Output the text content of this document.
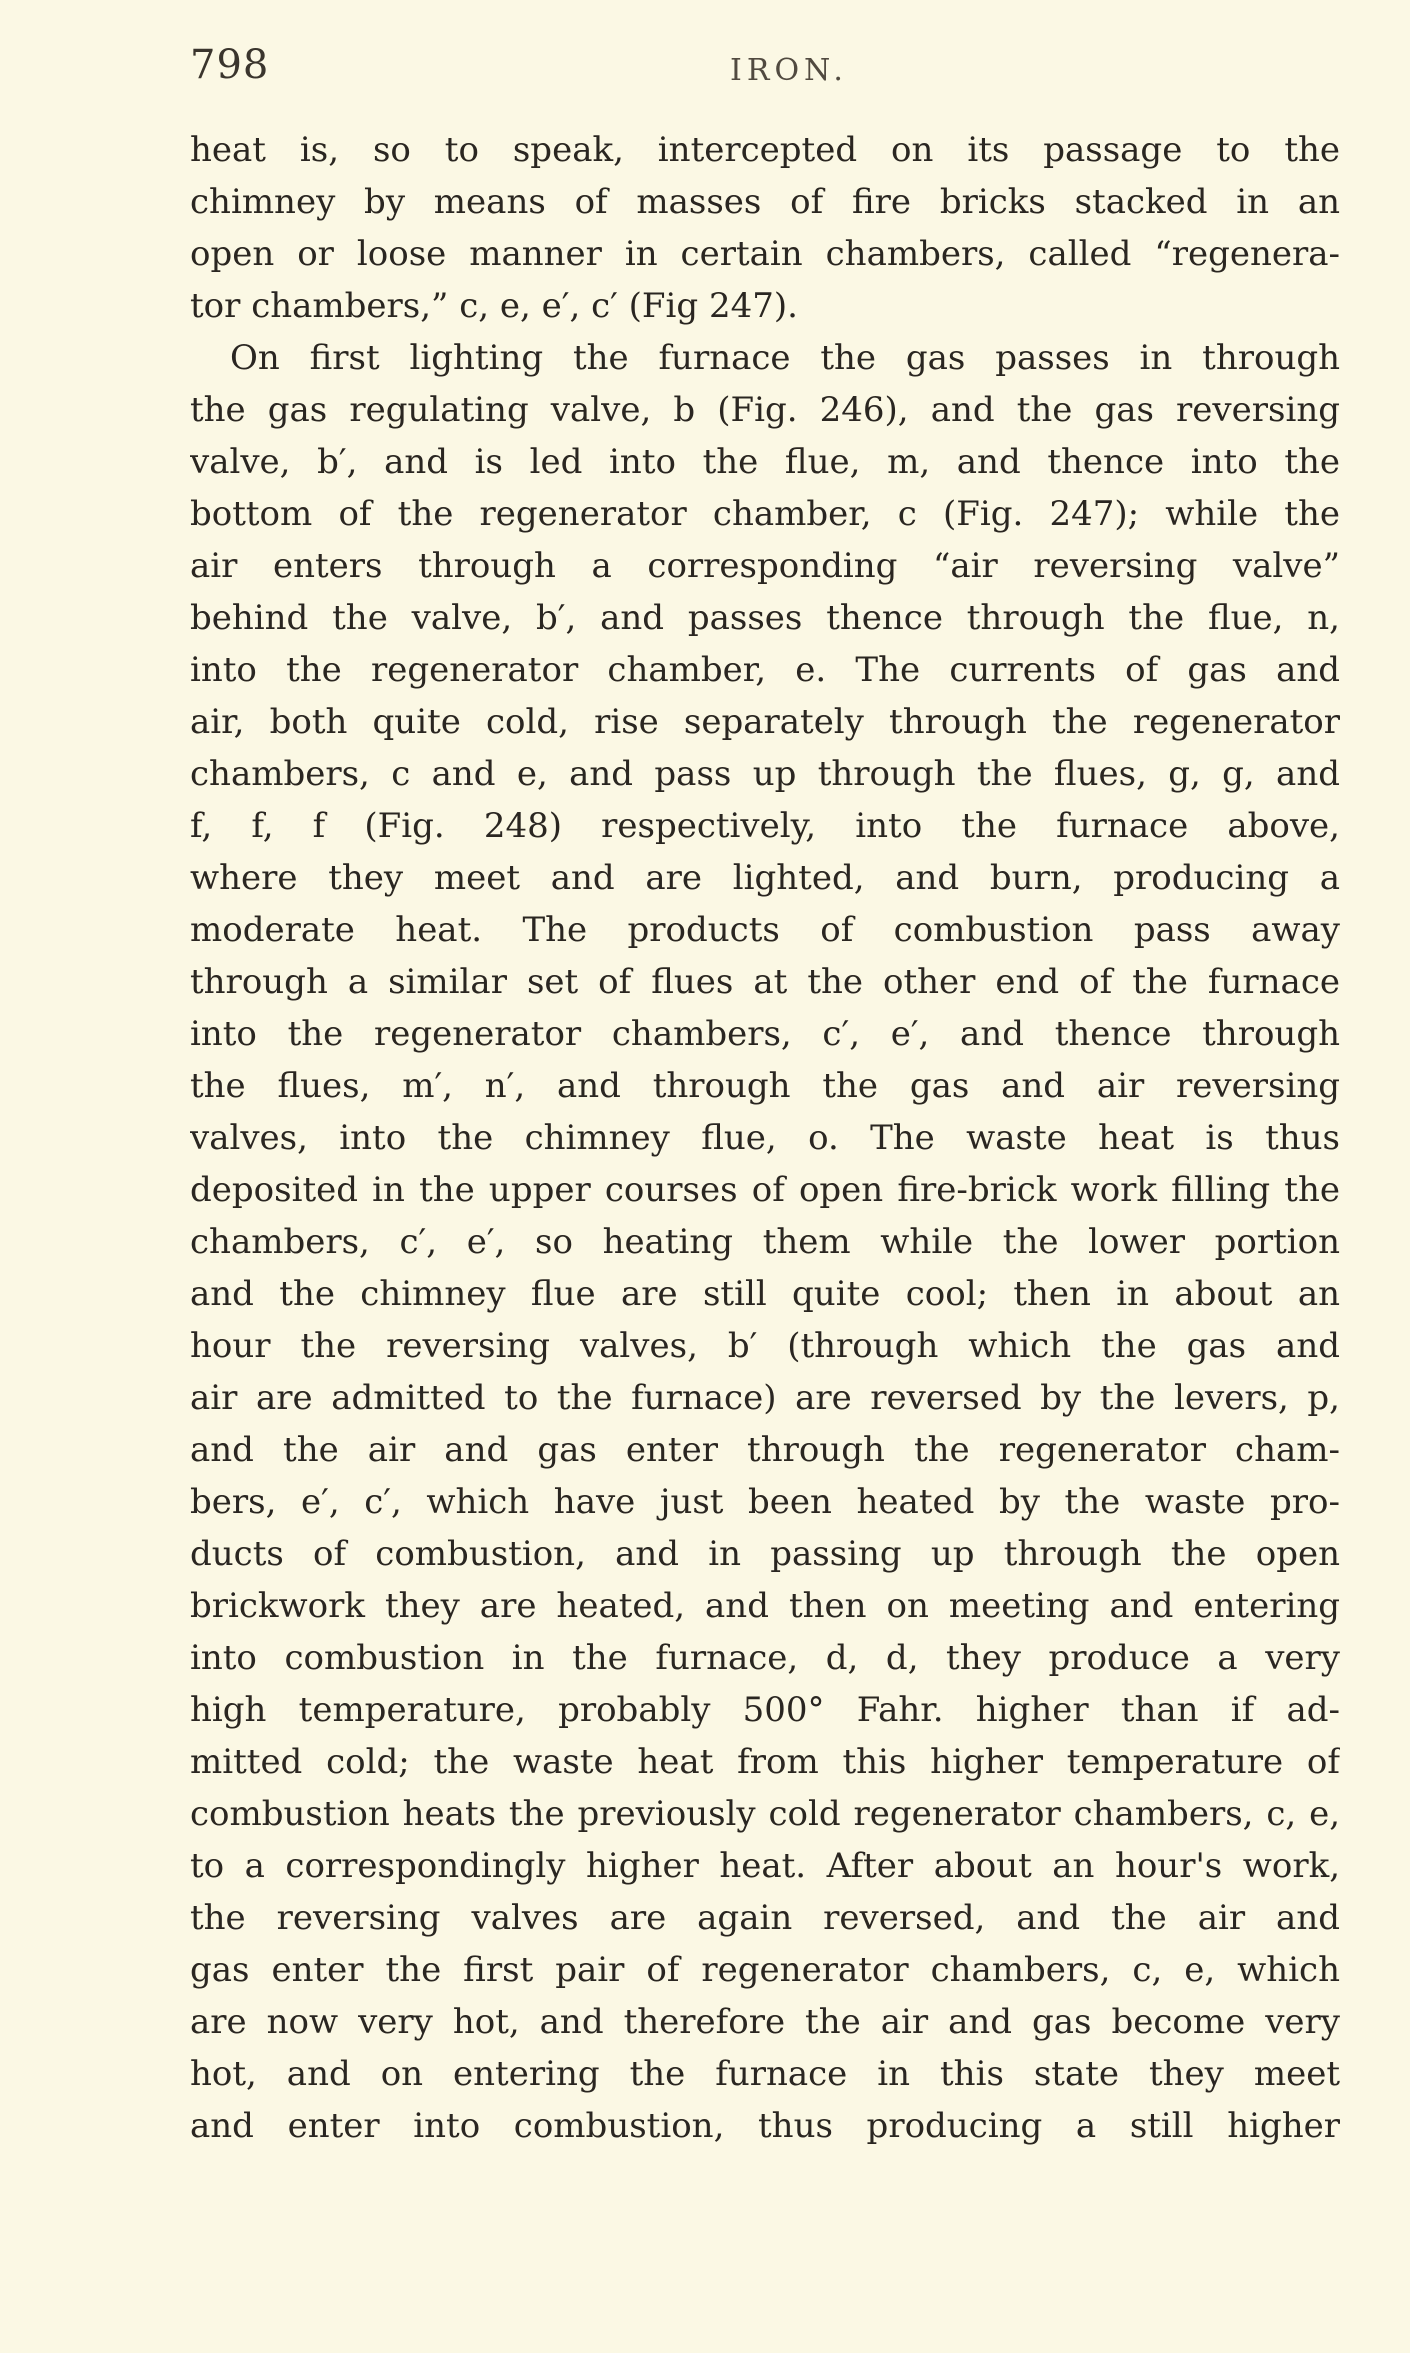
798	IRON.
heat is, so to speak, intercepted on its passage to the
chimney by means of masses of fire bricks stacked in an
open or loose manner in certain chambers, called “regenera-
tor chambers,” c, e, e′, c′ (Fig 247).
On first lighting the furnace the gas passes in through
the gas regulating valve, b (Fig. 246), and the gas reversing
valve, b′, and is led into the flue, m, and thence into the
bottom of the regenerator chamber, c (Fig. 247); while the
air enters through a corresponding “air reversing valve”
behind the valve, b′, and passes thence through the flue, n,
into the regenerator chamber, e. The currents of gas and
air, both quite cold, rise separately through the regenerator
chambers, c and e, and pass up through the flues, g, g, and
f, f, f (Fig. 248) respectively, into the furnace above,
where they meet and are lighted, and burn, producing a
moderate heat. The products of combustion pass away
through a similar set of flues at the other end of the furnace
into the regenerator chambers, c′, e′, and thence through
the flues, m′, n′, and through the gas and air reversing
valves, into the chimney flue, o. The waste heat is thus
deposited in the upper courses of open fire-brick work filling the
chambers, c′, e′, so heating them while the lower portion
and the chimney flue are still quite cool; then in about an
hour the reversing valves, b′ (through which the gas and
air are admitted to the furnace) are reversed by the levers, p,
and the air and gas enter through the regenerator cham-
bers, e′, c′, which have just been heated by the waste pro-
ducts of combustion, and in passing up through the open
brickwork they are heated, and then on meeting and entering
into combustion in the furnace, d, d, they produce a very
high temperature, probably 500° Fahr. higher than if ad-
mitted cold; the waste heat from this higher temperature of
combustion heats the previously cold regenerator chambers, c, e,
to a correspondingly higher heat. After about an hour's work,
the reversing valves are again reversed, and the air and
gas enter the first pair of regenerator chambers, c, e, which
are now very hot, and therefore the air and gas become very
hot, and on entering the furnace in this state they meet
and enter into combustion, thus producing a still higher
